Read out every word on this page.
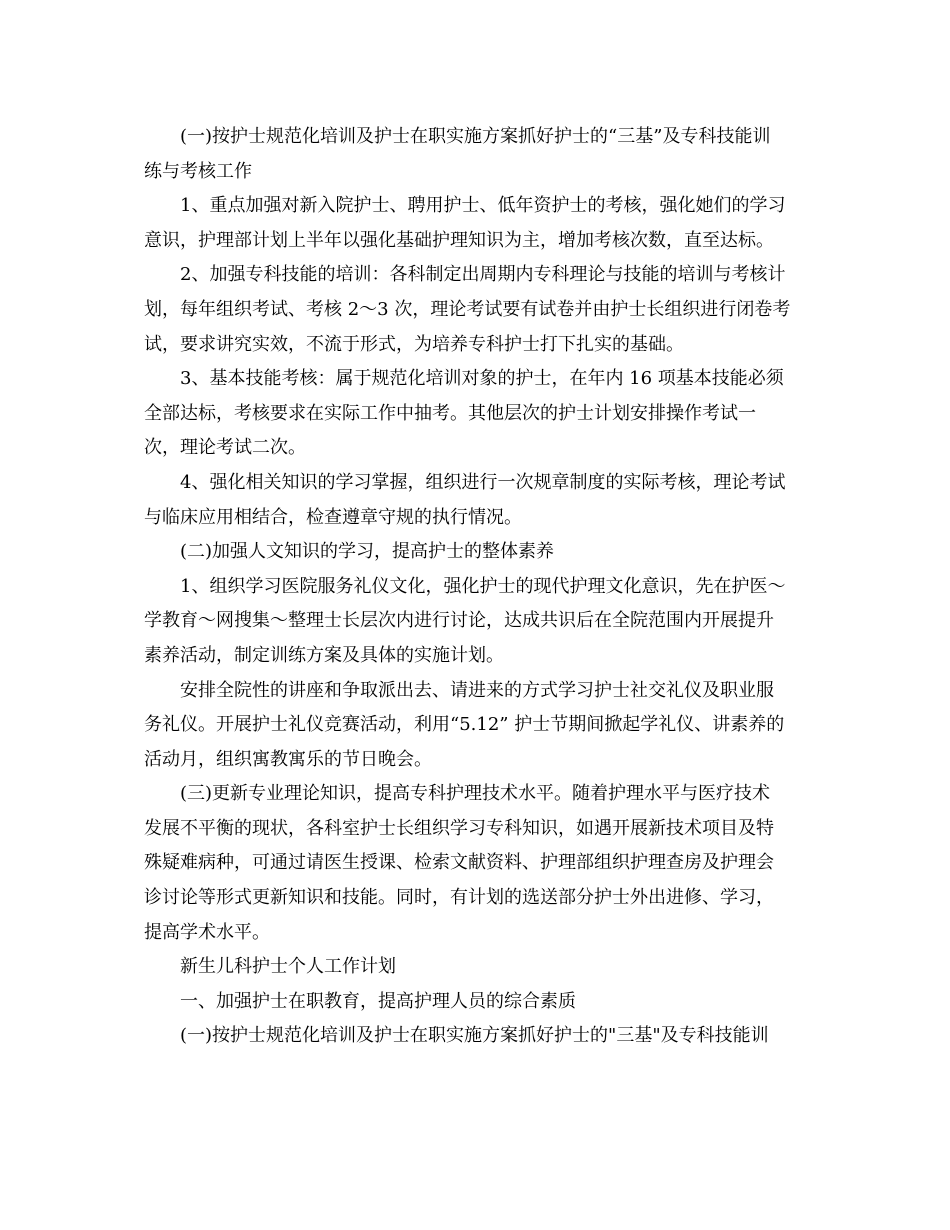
(一)按护士规范化培训及护士在职实施方案抓好护士的“三基”及专科技能训
练与考核工作

1、重点加强对新入院护士、聘用护士、低年资护士的考核，强化她们的学习
意识，护理部计划上半年以强化基础护理知识为主，增加考核次数，直至达标。

2、加强专科技能的培训：各科制定出周期内专科理论与技能的培训与考核计
划，每年组织考试、考核 2～3 次，理论考试要有试卷并由护士长组织进行闭卷考
试，要求讲究实效，不流于形式，为培养专科护士打下扎实的基础。

3、基本技能考核：属于规范化培训对象的护士，在年内 16 项基本技能必须
全部达标，考核要求在实际工作中抽考。其他层次的护士计划安排操作考试一
次，理论考试二次。

4、强化相关知识的学习掌握，组织进行一次规章制度的实际考核，理论考试
与临床应用相结合，检查遵章守规的执行情况。

(二)加强人文知识的学习，提高护士的整体素养

1、组织学习医院服务礼仪文化，强化护士的现代护理文化意识，先在护医～
学教育～网搜集～整理士长层次内进行讨论，达成共识后在全院范围内开展提升
素养活动，制定训练方案及具体的实施计划。

安排全院性的讲座和争取派出去、请进来的方式学习护士社交礼仪及职业服
务礼仪。开展护士礼仪竞赛活动，利用“5.12” 护士节期间掀起学礼仪、讲素养的
活动月，组织寓教寓乐的节日晚会。

(三)更新专业理论知识，提高专科护理技术水平。随着护理水平与医疗技术
发展不平衡的现状，各科室护士长组织学习专科知识，如遇开展新技术项目及特
殊疑难病种，可通过请医生授课、检索文献资料、护理部组织护理查房及护理会
诊讨论等形式更新知识和技能。同时，有计划的选送部分护士外出进修、学习，
提高学术水平。

新生儿科护士个人工作计划

一、加强护士在职教育，提高护理人员的综合素质

(一)按护士规范化培训及护士在职实施方案抓好护士的"三基"及专科技能训
